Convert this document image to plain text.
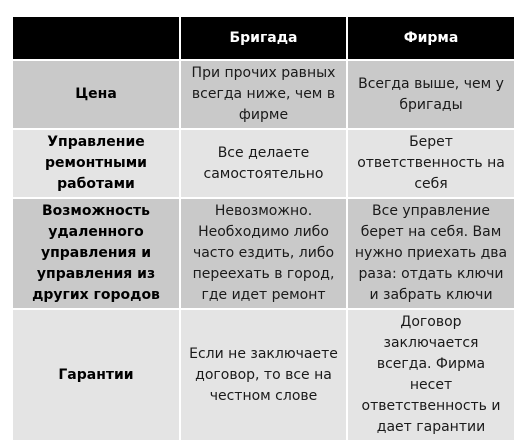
	Бригада	Фирма
Цена	При прочих равных всегда ниже, чем в фирме	Всегда выше, чем у бригады
Управление ремонтными работами	Все делаете самостоятельно	Берет ответственность на себя
Возможность удаленного управления и управления из других городов	Невозможно. Необходимо либо часто ездить, либо переехать в город, где идет ремонт	Все управление берет на себя. Вам нужно приехать два раза: отдать ключи и забрать ключи
Гарантии	Если не заключаете договор, то все на честном слове	Договор заключается всегда. Фирма несет ответственность и дает гарантии
